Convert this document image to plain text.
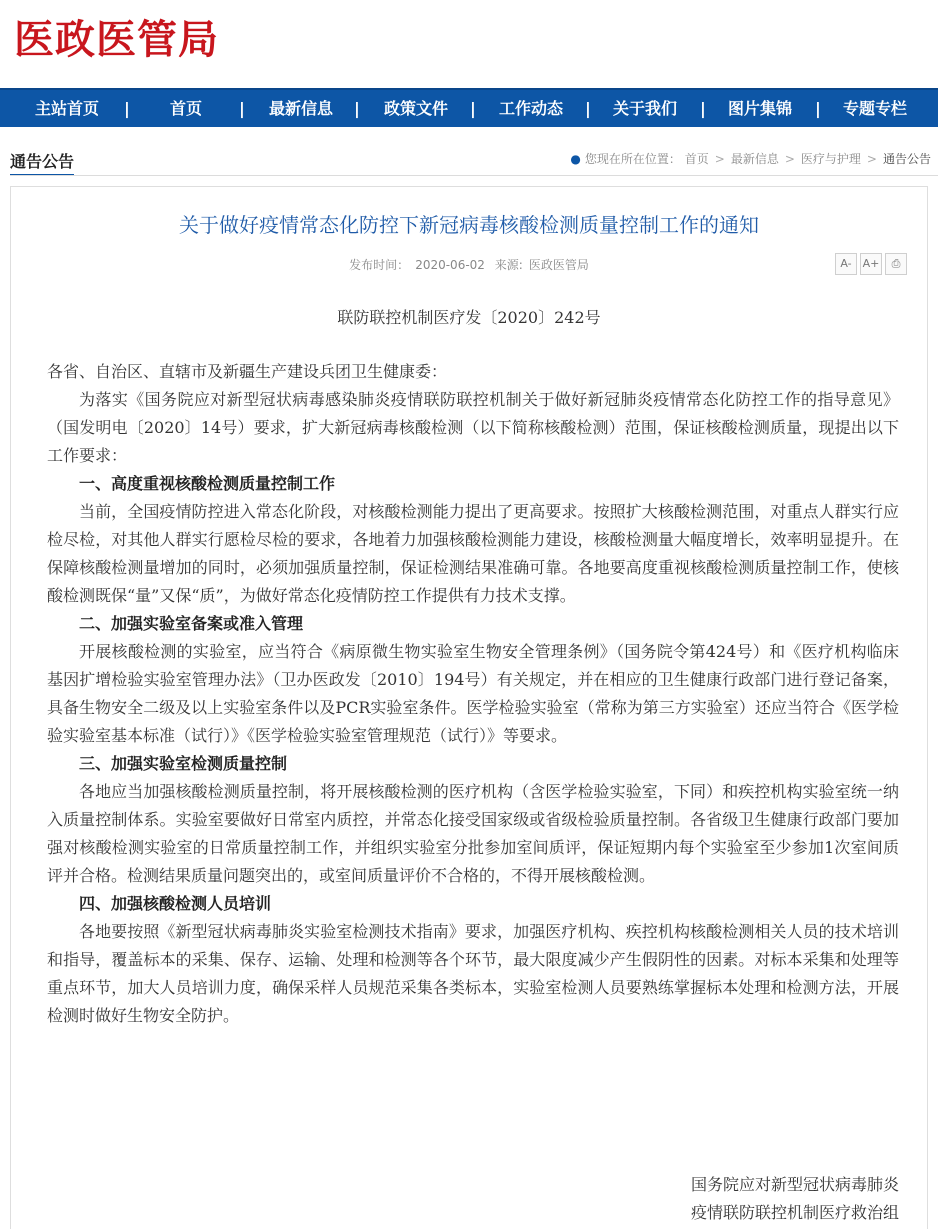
医政医管局
主站首页	|	首页	|	最新信息	|	政策文件	|	工作动态	|	关于我们	|	图片集锦	|	专题专栏
通告公告	● 您现在所在位置： 首页 > 最新信息 > 医疗与护理 > 通告公告
关于做好疫情常态化防控下新冠病毒核酸检测质量控制工作的通知
发布时间： 2020-06-02 来源: 医政医管局	A- A+ ⎙
联防联控机制医疗发〔2020〕242号

各省、自治区、直辖市及新疆生产建设兵团卫生健康委：

为落实《国务院应对新型冠状病毒感染肺炎疫情联防联控机制关于做好新冠肺炎疫情常态化防控工作的指导意见》（国发明电〔2020〕14号）要求，扩大新冠病毒核酸检测（以下简称核酸检测）范围，保证核酸检测质量，现提出以下工作要求：

一、高度重视核酸检测质量控制工作

当前，全国疫情防控进入常态化阶段，对核酸检测能力提出了更高要求。按照扩大核酸检测范围，对重点人群实行应检尽检，对其他人群实行愿检尽检的要求，各地着力加强核酸检测能力建设，核酸检测量大幅度增长，效率明显提升。在保障核酸检测量增加的同时，必须加强质量控制，保证检测结果准确可靠。各地要高度重视核酸检测质量控制工作，使核酸检测既保“量”又保“质”，为做好常态化疫情防控工作提供有力技术支撑。

二、加强实验室备案或准入管理

开展核酸检测的实验室，应当符合《病原微生物实验室生物安全管理条例》（国务院令第424号）和《医疗机构临床基因扩增检验实验室管理办法》（卫办医政发〔2010〕194号）有关规定，并在相应的卫生健康行政部门进行登记备案，具备生物安全二级及以上实验室条件以及PCR实验室条件。医学检验实验室（常称为第三方实验室）还应当符合《医学检验实验室基本标准（试行）》《医学检验实验室管理规范（试行）》等要求。

三、加强实验室检测质量控制

各地应当加强核酸检测质量控制，将开展核酸检测的医疗机构（含医学检验实验室，下同）和疾控机构实验室统一纳入质量控制体系。实验室要做好日常室内质控，并常态化接受国家级或省级检验质量控制。各省级卫生健康行政部门要加强对核酸检测实验室的日常质量控制工作，并组织实验室分批参加室间质评，保证短期内每个实验室至少参加1次室间质评并合格。检测结果质量问题突出的，或室间质量评价不合格的，不得开展核酸检测。

四、加强核酸检测人员培训

各地要按照《新型冠状病毒肺炎实验室检测技术指南》要求，加强医疗机构、疾控机构核酸检测相关人员的技术培训和指导，覆盖标本的采集、保存、运输、处理和检测等各个环节，最大限度减少产生假阴性的因素。对标本采集和处理等重点环节，加大人员培训力度，确保采样人员规范采集各类标本，实验室检测人员要熟练掌握标本处理和检测方法，开展检测时做好生物安全防护。

国务院应对新型冠状病毒肺炎
疫情联防联控机制医疗救治组
